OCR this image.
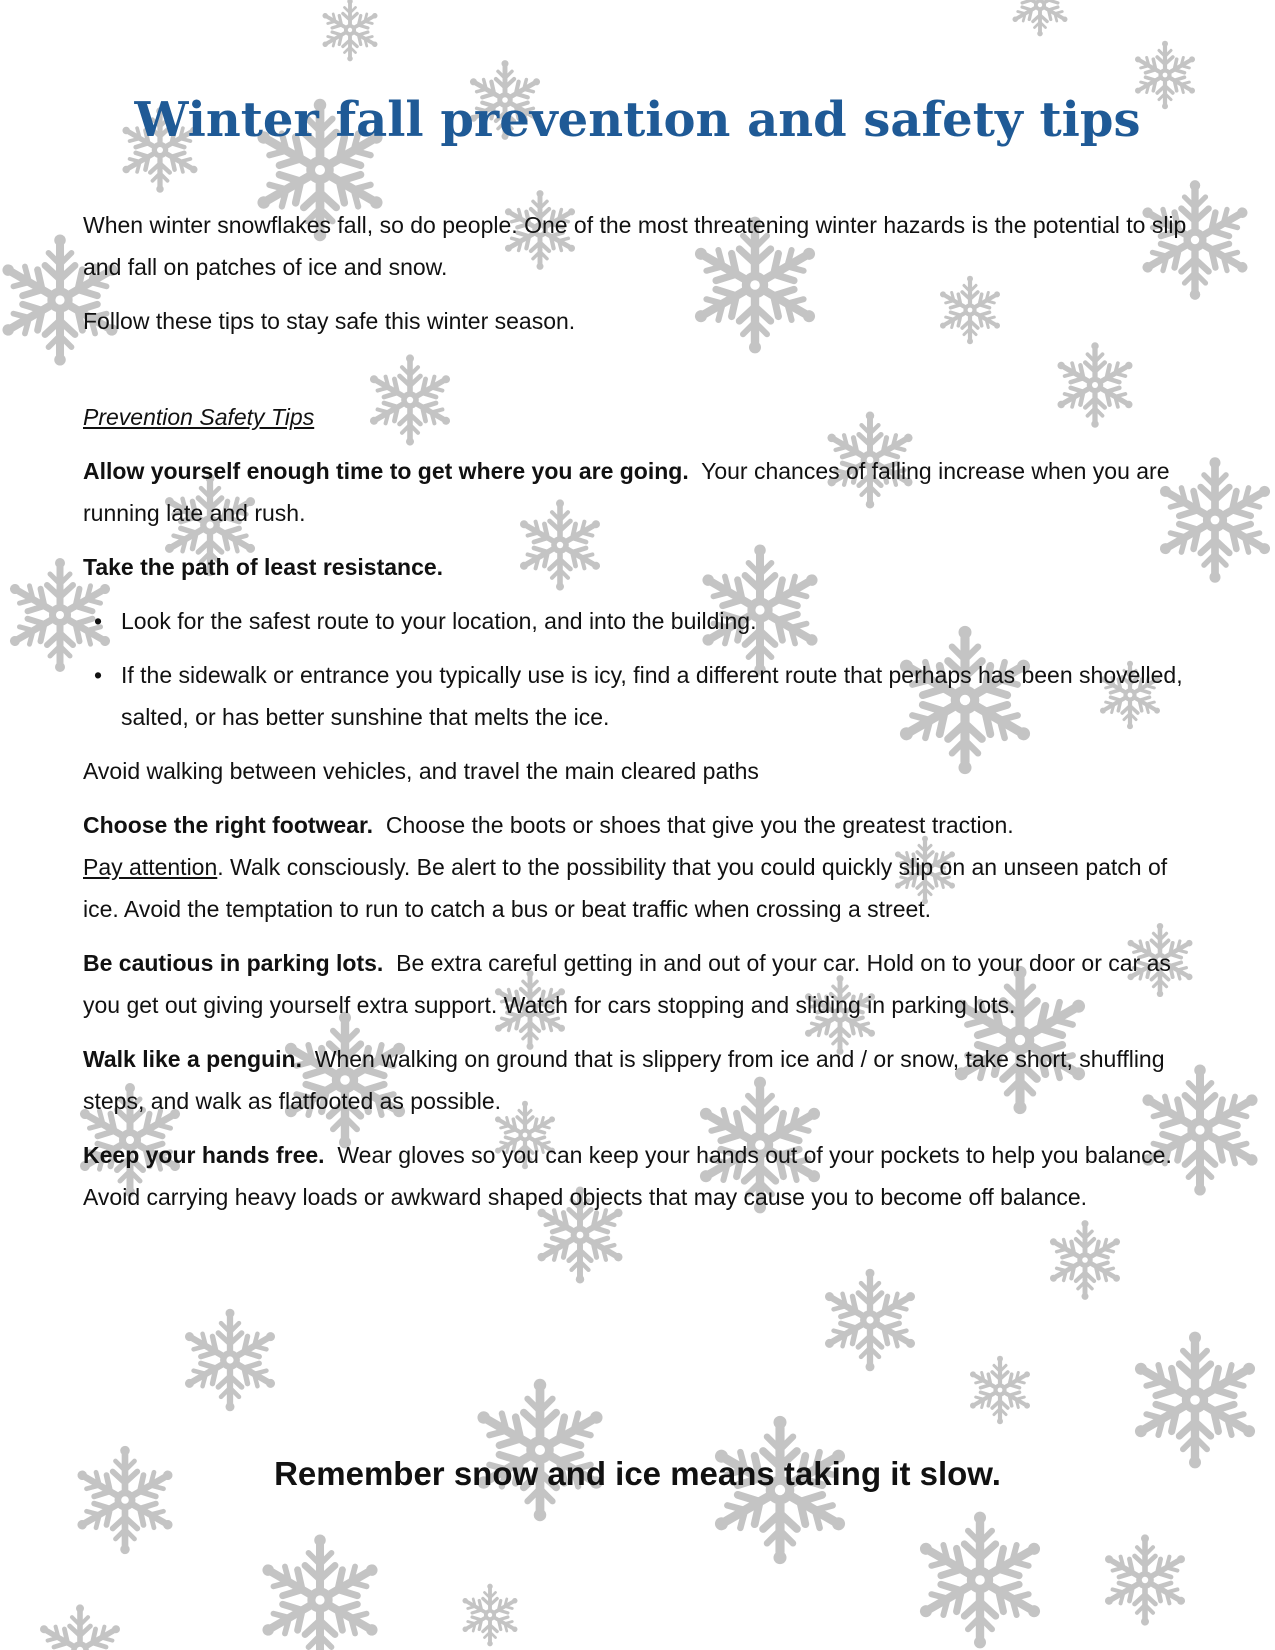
Winter fall prevention and safety tips

When winter snowflakes fall, so do people. One of the most threatening winter hazards is the potential to slip and fall on patches of ice and snow.

Follow these tips to stay safe this winter season.

Prevention Safety Tips

Allow yourself enough time to get where you are going. Your chances of falling increase when you are running late and rush.

Take the path of least resistance.

• Look for the safest route to your location, and into the building.
• If the sidewalk or entrance you typically use is icy, find a different route that perhaps has been shovelled, salted, or has better sunshine that melts the ice.

Avoid walking between vehicles, and travel the main cleared paths

Choose the right footwear. Choose the boots or shoes that give you the greatest traction.
Pay attention. Walk consciously. Be alert to the possibility that you could quickly slip on an unseen patch of ice. Avoid the temptation to run to catch a bus or beat traffic when crossing a street.

Be cautious in parking lots. Be extra careful getting in and out of your car. Hold on to your door or car as you get out giving yourself extra support. Watch for cars stopping and sliding in parking lots.

Walk like a penguin. When walking on ground that is slippery from ice and / or snow, take short, shuffling steps, and walk as flatfooted as possible.

Keep your hands free. Wear gloves so you can keep your hands out of your pockets to help you balance. Avoid carrying heavy loads or awkward shaped objects that may cause you to become off balance.

Remember snow and ice means taking it slow.
